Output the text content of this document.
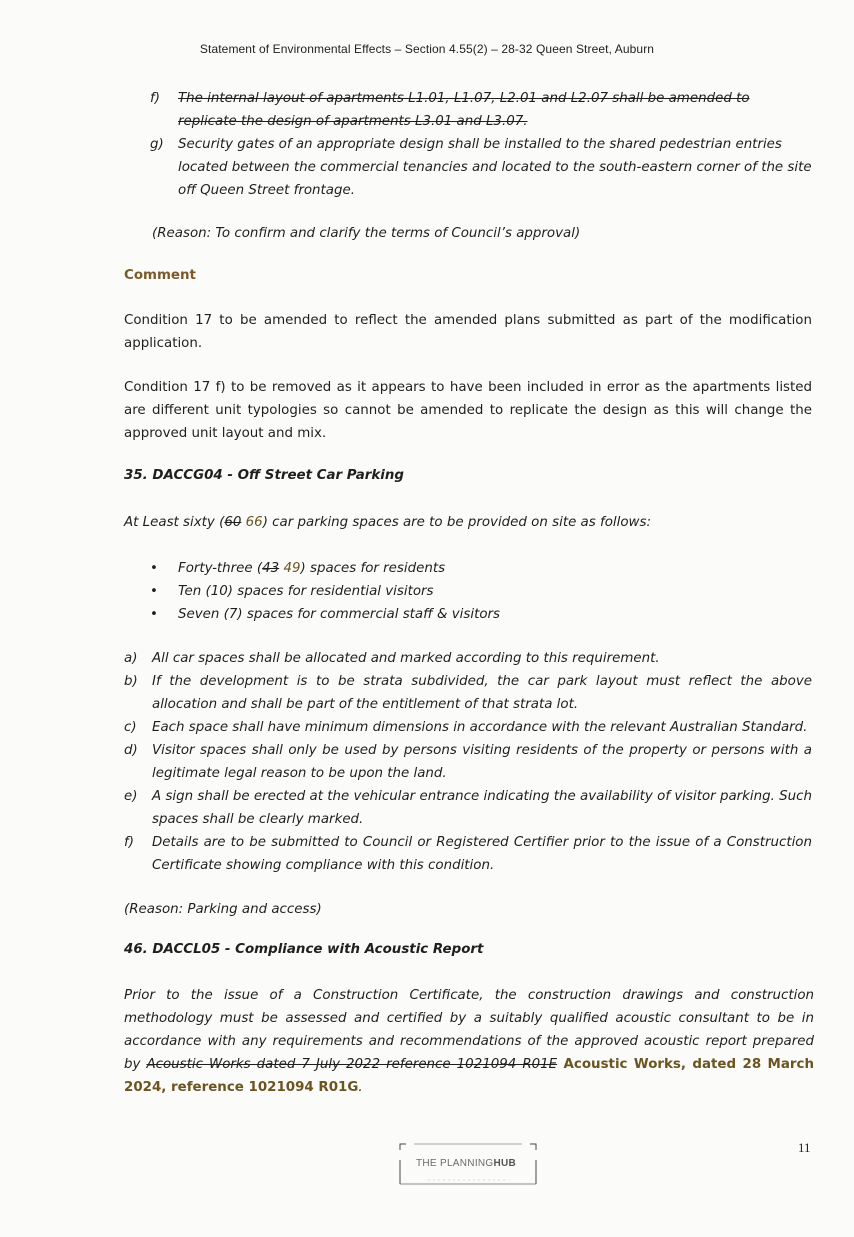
Statement of Environmental Effects – Section 4.55(2) – 28-32 Queen Street, Auburn
f) The internal layout of apartments L1.01, L1.07, L2.01 and L2.07 shall be amended to replicate the design of apartments L3.01 and L3.07.
g) Security gates of an appropriate design shall be installed to the shared pedestrian entries located between the commercial tenancies and located to the south-eastern corner of the site off Queen Street frontage.
(Reason: To confirm and clarify the terms of Council’s approval)
Comment
Condition 17 to be amended to reflect the amended plans submitted as part of the modification application.
Condition 17 f) to be removed as it appears to have been included in error as the apartments listed are different unit typologies so cannot be amended to replicate the design as this will change the approved unit layout and mix.
35. DACCG04 - Off Street Car Parking
At Least sixty (60 66) car parking spaces are to be provided on site as follows:
• Forty-three (43 49) spaces for residents
• Ten (10) spaces for residential visitors
• Seven (7) spaces for commercial staff & visitors
a) All car spaces shall be allocated and marked according to this requirement.
b) If the development is to be strata subdivided, the car park layout must reflect the above allocation and shall be part of the entitlement of that strata lot.
c) Each space shall have minimum dimensions in accordance with the relevant Australian Standard.
d) Visitor spaces shall only be used by persons visiting residents of the property or persons with a legitimate legal reason to be upon the land.
e) A sign shall be erected at the vehicular entrance indicating the availability of visitor parking. Such spaces shall be clearly marked.
f) Details are to be submitted to Council or Registered Certifier prior to the issue of a Construction Certificate showing compliance with this condition.
(Reason: Parking and access)
46. DACCL05 - Compliance with Acoustic Report
Prior to the issue of a Construction Certificate, the construction drawings and construction methodology must be assessed and certified by a suitably qualified acoustic consultant to be in accordance with any requirements and recommendations of the approved acoustic report prepared by Acoustic Works dated 7 July 2022 reference 1021094 R01E Acoustic Works, dated 28 March 2024, reference 1021094 R01G.
THE PLANNINGHUB
11
